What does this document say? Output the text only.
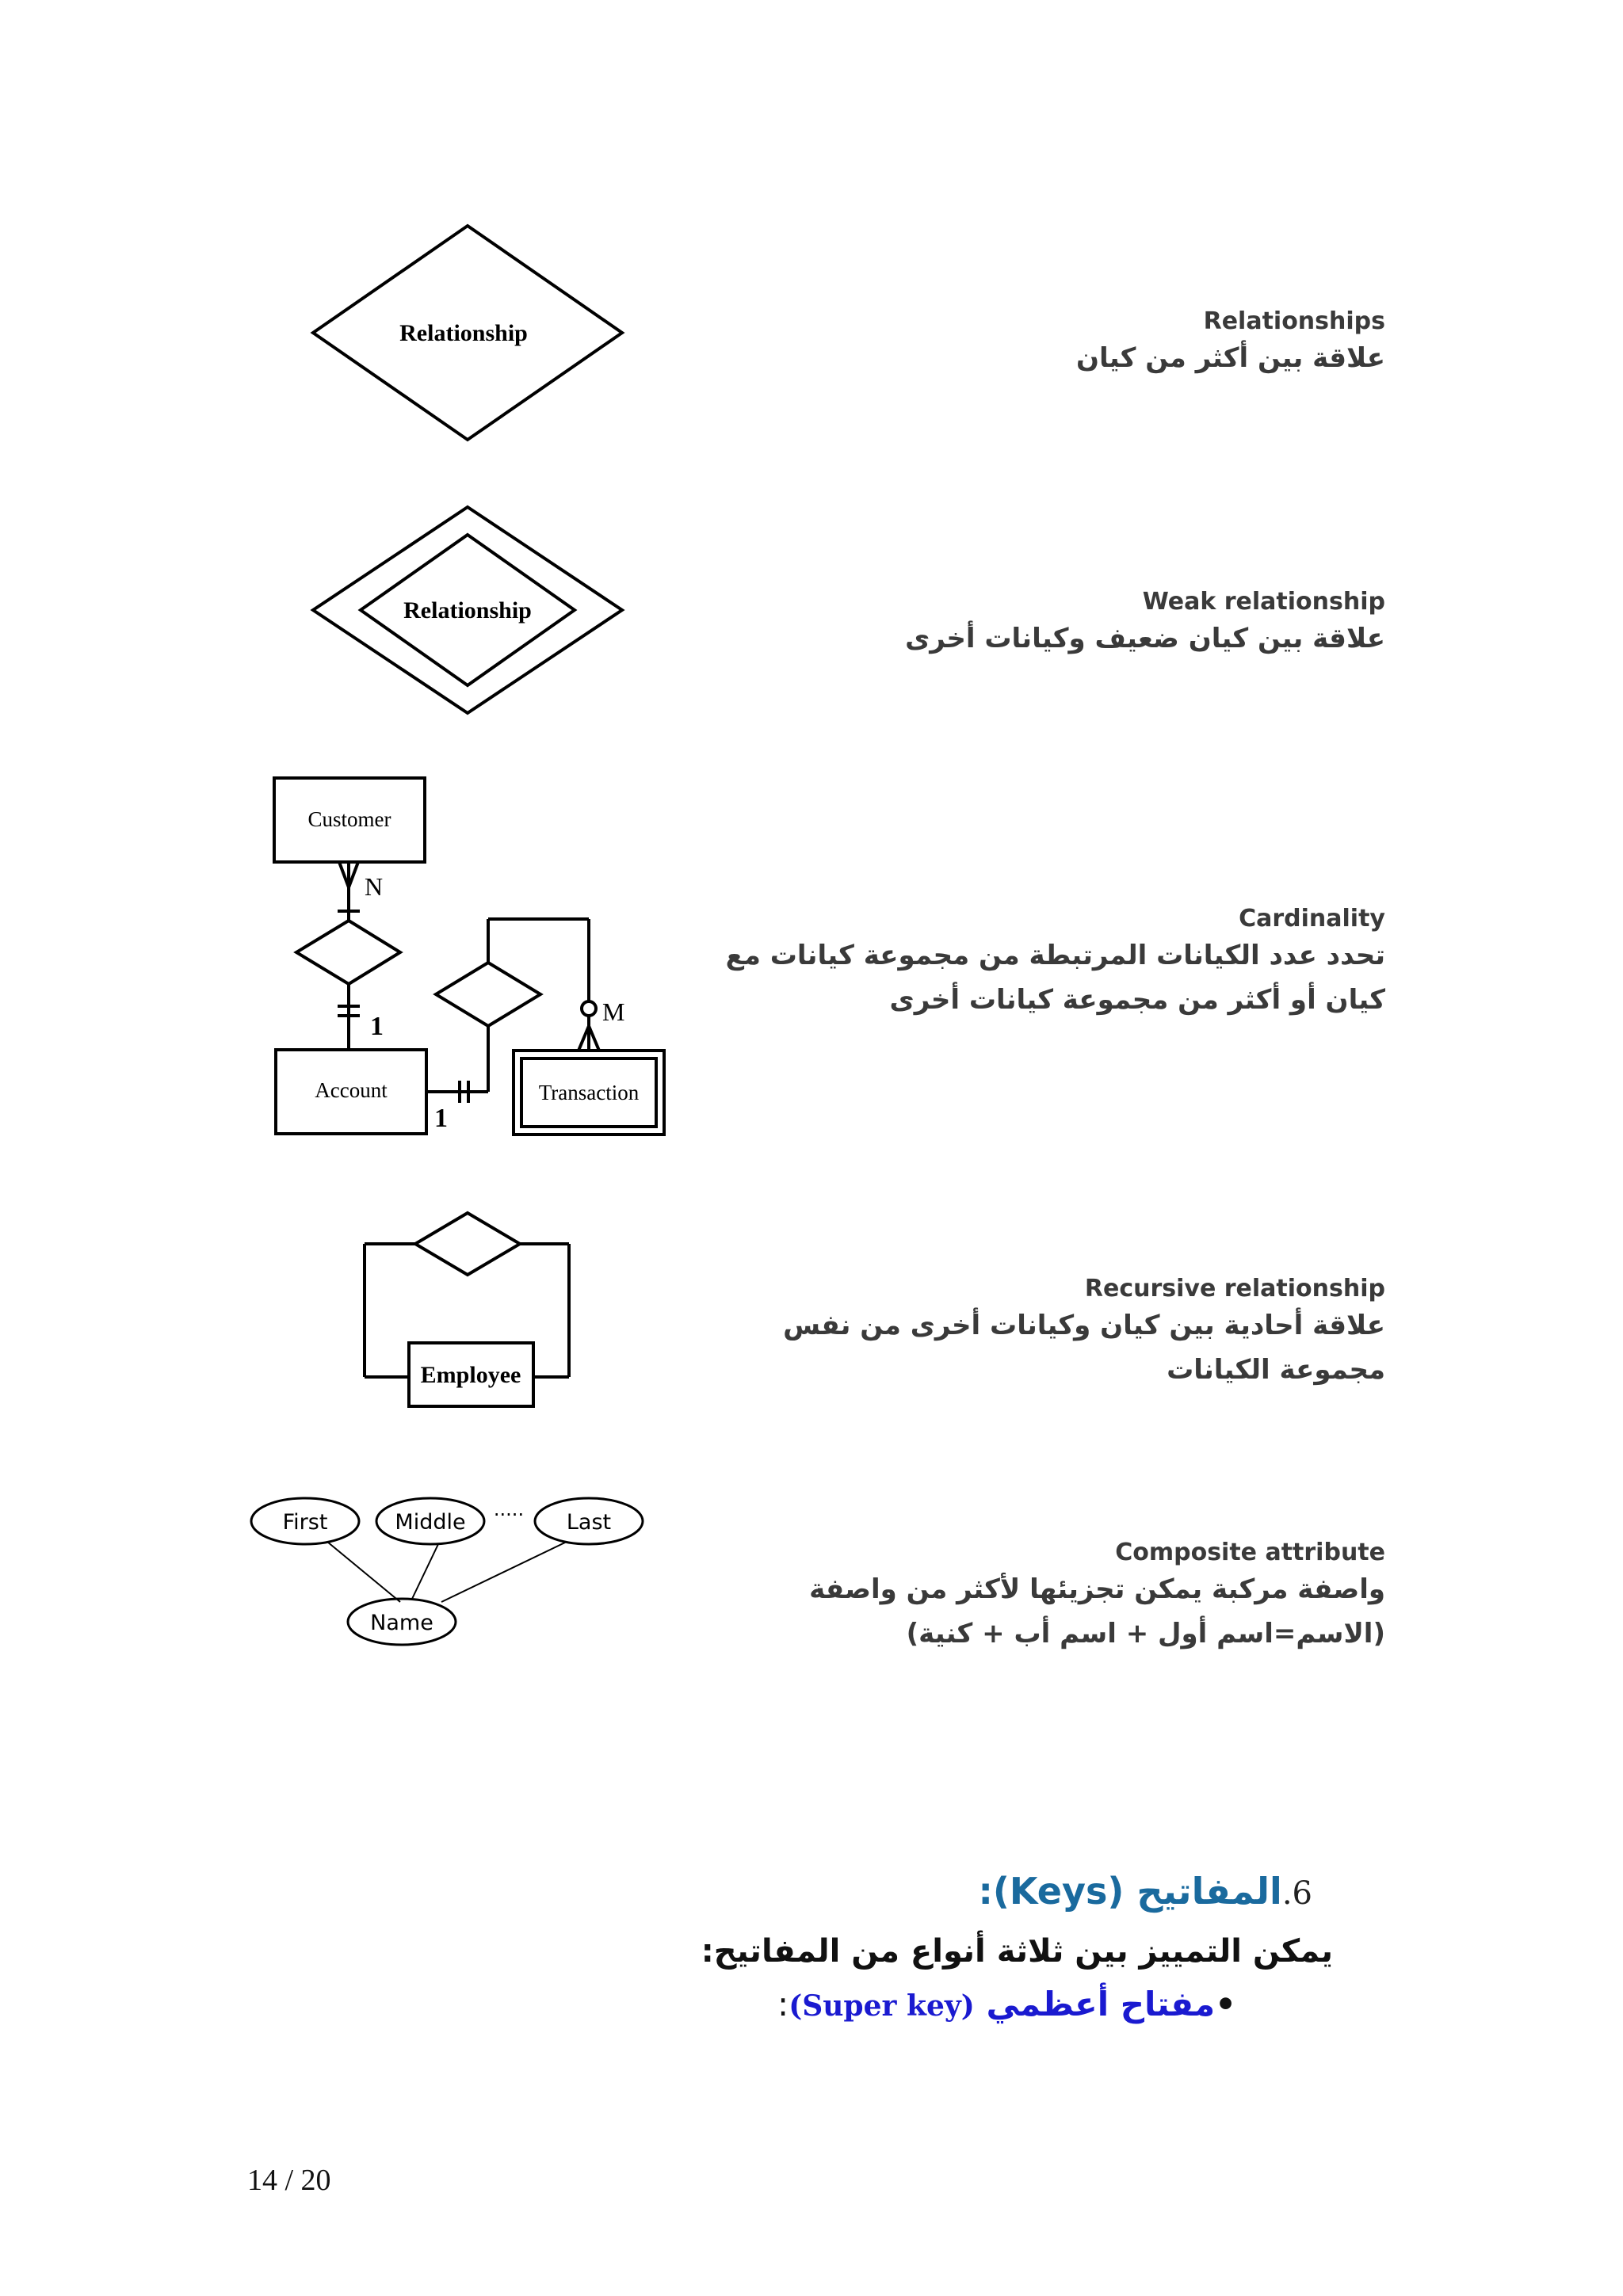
Relationship
Relationship
Customer
N
1
Account
1
M
Transaction
Employee
First	Middle
.....
Last
Name
Relationships
علاقة بين أكثر من كيان
Weak relationship
علاقة بين كيان ضعيف وكيانات أخرى
Cardinality
تحدد عدد الكيانات المرتبطة من مجموعة كيانات مع
كيان أو أكثر من مجموعة كيانات أخرى
Recursive relationship
علاقة أحادية بين كيان وكيانات أخرى من نفس
مجموعة الكيانات
Composite attribute
واصفة مركبة يمكن تجزيئها لأكثر من واصفة
(الاسم=اسم أول + اسم أب + كنية)
6.المفاتيح (Keys):
يمكن التمييز بين ثلاثة أنواع من المفاتيح:
•مفتاح أعظمي (Super key):
14 / 20
